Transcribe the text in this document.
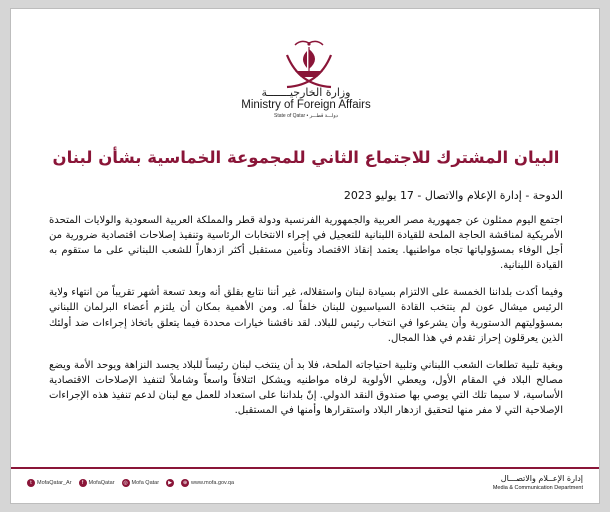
وزارة الخارجيـــــــة
Ministry of Foreign Affairs
State of Qatar • دولـــة قطـــر
البيان المشترك للاجتماع الثاني للمجموعة الخماسية بشأن لبنان
الدوحة - إدارة الإعلام والاتصال - 17 يوليو 2023

اجتمع اليوم ممثلون عن جمهورية مصر العربية والجمهورية الفرنسية ودولة قطر والمملكة العربية السعودية والولايات المتحدة الأمريكية لمناقشة الحاجة الملحة للقيادة اللبنانية للتعجيل في إجراء الانتخابات الرئاسية وتنفيذ إصلاحات اقتصادية ضرورية من أجل الوفاء بمسؤولياتها تجاه مواطنيها. يعتمد إنقاذ الاقتصاد وتأمين مستقبل أكثر ازدهاراً للشعب اللبناني على ما ستقوم به القيادة اللبنانية.

وفيما أكدت بلداننا الخمسة على الالتزام بسيادة لبنان واستقلاله، غير أننا نتابع بقلق أنه وبعد تسعة أشهر تقريباً من انتهاء ولاية الرئيس ميشال عون لم ينتخب القادة السياسيون للبنان خلفاً له. ومن الأهمية بمكان أن يلتزم أعضاء البرلمان اللبناني بمسؤوليتهم الدستورية وأن يشرعوا في انتخاب رئيس للبلاد. لقد ناقشنا خيارات محددة فيما يتعلق باتخاذ إجراءات ضد أولئك الذين يعرقلون إحراز تقدم في هذا المجال.

وبغية تلبية تطلعات الشعب اللبناني وتلبية احتياجاته الملحة، فلا بد أن ينتخب لبنان رئيساً للبلاد يجسد النزاهة ويوحد الأمة ويضع مصالح البلاد في المقام الأول، ويعطي الأولوية لرفاه مواطنيه ويشكل ائتلافاً واسعاً وشاملاً لتنفيذ الإصلاحات الاقتصادية الأساسية، لا سيما تلك التي يوصي بها صندوق النقد الدولي. إنّ بلداننا على استعداد للعمل مع لبنان لدعم تنفيذ هذه الإجراءات الإصلاحية التي لا مفر منها لتحقيق ازدهار البلاد واستقرارها وأمنها في المستقبل.

t MofaQatar_Ar	f MofaQatar	◎ Mofa Qatar	▶	⊕ www.mofa.gov.qa	إدارة الإعــلام والاتصـــال
Media & Communication Department
